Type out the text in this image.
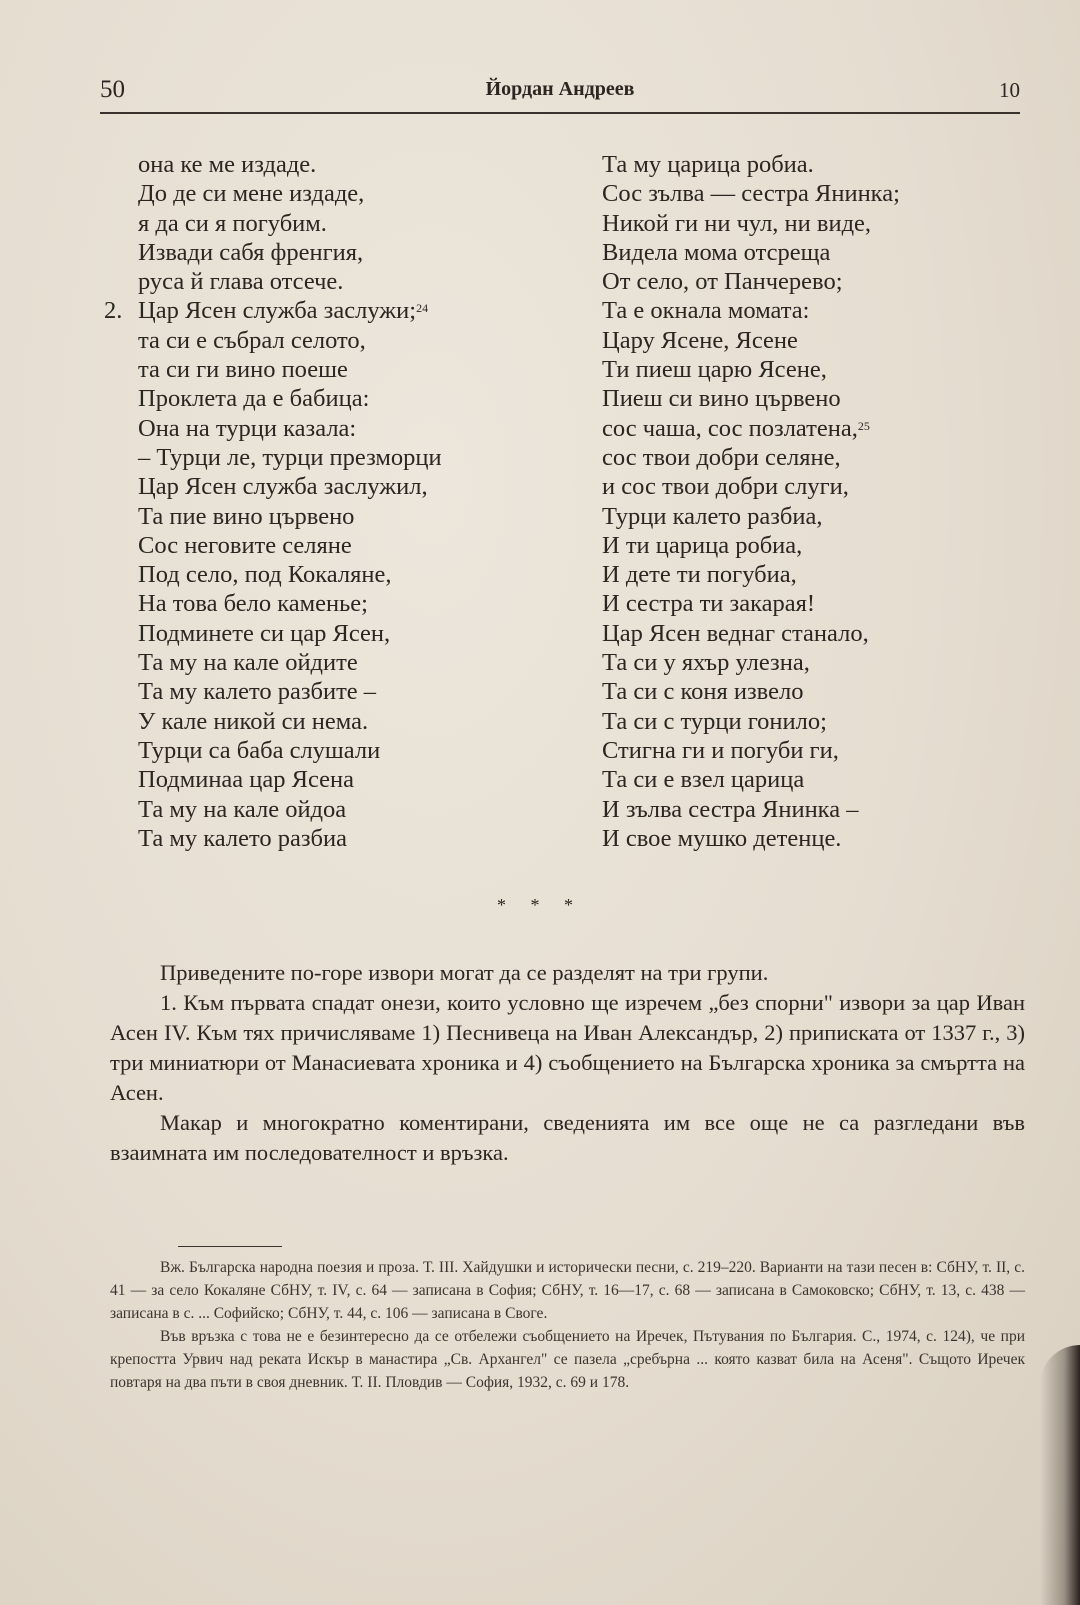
50	Йордан Андреев	10
она ке ме издаде.
До де си мене издаде,
я да си я погубим.
Извади сабя френгия,
руса й глава отсече.
2. Цар Ясен служба заслужи;$^{24}$
та си е събрал селото,
та си ги вино поеше
Проклета да е бабица:
Она на турци казала:
– Турци ле, турци презморци
Цар Ясен служба заслужил,
Та пие вино цървено
Сос неговите селяне
Под село, под Кокаляне,
На това бело каменье;
Подминете си цар Ясен,
Та му на кале ойдите
Та му калето разбите –
У кале никой си нема.
Турци са баба слушали
Подминаа цар Ясена
Та му на кале ойдоа
Та му калето разбиа
Та му царица робиа.
Сос зълва — сестра Янинка;
Никой ги ни чул, ни виде,
Видела мома отсреща
От село, от Панчерево;
Та е окнала момата:
Цару Ясене, Ясене
Ти пиеш царю Ясене,
Пиеш си вино цървено
сос чаша, сос позлатена,$^{25}$
сос твои добри селяне,
и сос твои добри слуги,
Турци калето разбиа,
И ти царица робиа,
И дете ти погубиа,
И сестра ти закарая!
Цар Ясен веднаг станало,
Та си у яхър улезна,
Та си с коня извело
Та си с турци гонило;
Стигна ги и погуби ги,
Та си е взел царица
И зълва сестра Янинка –
И свое мушко детенце.
* * *

Приведените по-горе извори могат да се разделят на три групи.

1. Към първата спадат онези, които условно ще изречем „без спорни" извори за цар Иван Асен IV. Към тях причисляваме 1) Песнивеца на Иван Александър, 2) приписката от 1337 г., 3) три миниатюри от Манасиевата хроника и 4) съобщението на Българска хроника за смъртта на Асен.

Макар и многократно коментирани, сведенията им все още не са разгледани във взаимната им последователност и връзка.

Вж. Българска народна поезия и проза. Т. III. Хайдушки и исторически песни, с. 219–220. Варианти на тази песен в: СбНУ, т. II, с. 41 — за село Кокаляне СбНУ, т. IV, с. 64 — записана в София; СбНУ, т. 16—17, с. 68 — записана в Самоковско; СбНУ, т. 13, с. 438 — записана в с. ... Софийско; СбНУ, т. 44, с. 106 — записана в Своге.

Във връзка с това не е безинтересно да се отбележи съобщението на Иречек, Пътувания по България. С., 1974, с. 124), че при крепостта Урвич над реката Искър в манастира „Св. Архангел" се пазела „сребърна ... която казват била на Асеня". Същото Иречек повтаря на два пъти в своя дневник. Т. II. Пловдив — София, 1932, с. 69 и 178.
